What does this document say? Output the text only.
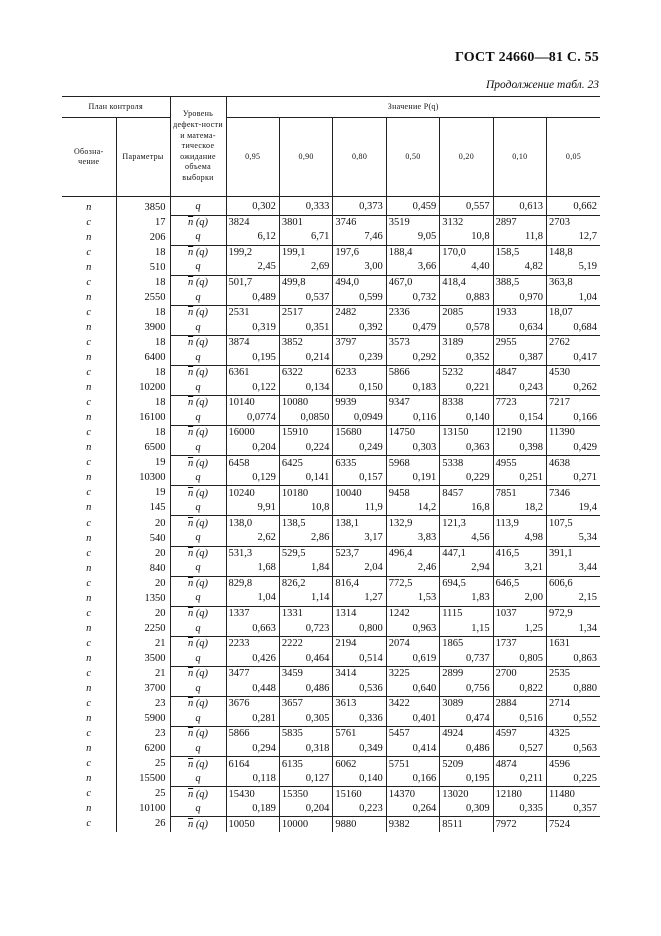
ГОСТ 24660—81 С. 55
Продолжение табл. 23
План контроля		Уровень дефект-ности и матема-тическое ожидание объема выборки	Значение P(q)						
Обозна-чение	Параметры		0,95	0,90	0,80	0,50	0,20	0,10	0,05
n	3850	q	0,302	0,333	0,373	0,459	0,557	0,613	0,662
c	17	$\overline{n}$ (q)	3824	3801	3746	3519	3132	2897	2703
n	206	q	6,12	6,71	7,46	9,05	10,8	11,8	12,7
c	18	$\overline{n}$ (q)	199,2	199,1	197,6	188,4	170,0	158,5	148,8
n	510	q	2,45	2,69	3,00	3,66	4,40	4,82	5,19
c	18	$\overline{n}$ (q)	501,7	499,8	494,0	467,0	418,4	388,5	363,8
n	2550	q	0,489	0,537	0,599	0,732	0,883	0,970	1,04
c	18	$\overline{n}$ (q)	2531	2517	2482	2336	2085	1933	18,07
n	3900	q	0,319	0,351	0,392	0,479	0,578	0,634	0,684
c	18	$\overline{n}$ (q)	3874	3852	3797	3573	3189	2955	2762
n	6400	q	0,195	0,214	0,239	0,292	0,352	0,387	0,417
c	18	$\overline{n}$ (q)	6361	6322	6233	5866	5232	4847	4530
n	10200	q	0,122	0,134	0,150	0,183	0,221	0,243	0,262
c	18	$\overline{n}$ (q)	10140	10080	9939	9347	8338	7723	7217
n	16100	q	0,0774	0,0850	0,0949	0,116	0,140	0,154	0,166
c	18	$\overline{n}$ (q)	16000	15910	15680	14750	13150	12190	11390
n	6500	q	0,204	0,224	0,249	0,303	0,363	0,398	0,429
c	19	$\overline{n}$ (q)	6458	6425	6335	5968	5338	4955	4638
n	10300	q	0,129	0,141	0,157	0,191	0,229	0,251	0,271
c	19	$\overline{n}$ (q)	10240	10180	10040	9458	8457	7851	7346
n	145	q	9,91	10,8	11,9	14,2	16,8	18,2	19,4
c	20	$\overline{n}$ (q)	138,0	138,5	138,1	132,9	121,3	113,9	107,5
n	540	q	2,62	2,86	3,17	3,83	4,56	4,98	5,34
c	20	$\overline{n}$ (q)	531,3	529,5	523,7	496,4	447,1	416,5	391,1
n	840	q	1,68	1,84	2,04	2,46	2,94	3,21	3,44
c	20	$\overline{n}$ (q)	829,8	826,2	816,4	772,5	694,5	646,5	606,6
n	1350	q	1,04	1,14	1,27	1,53	1,83	2,00	2,15
c	20	$\overline{n}$ (q)	1337	1331	1314	1242	1115	1037	972,9
n	2250	q	0,663	0,723	0,800	0,963	1,15	1,25	1,34
c	21	$\overline{n}$ (q)	2233	2222	2194	2074	1865	1737	1631
n	3500	q	0,426	0,464	0,514	0,619	0,737	0,805	0,863
c	21	$\overline{n}$ (q)	3477	3459	3414	3225	2899	2700	2535
n	3700	q	0,448	0,486	0,536	0,640	0,756	0,822	0,880
c	23	$\overline{n}$ (q)	3676	3657	3613	3422	3089	2884	2714
n	5900	q	0,281	0,305	0,336	0,401	0,474	0,516	0,552
c	23	$\overline{n}$ (q)	5866	5835	5761	5457	4924	4597	4325
n	6200	q	0,294	0,318	0,349	0,414	0,486	0,527	0,563
c	25	$\overline{n}$ (q)	6164	6135	6062	5751	5209	4874	4596
n	15500	q	0,118	0,127	0,140	0,166	0,195	0,211	0,225
c	25	$\overline{n}$ (q)	15430	15350	15160	14370	13020	12180	11480
n	10100	q	0,189	0,204	0,223	0,264	0,309	0,335	0,357
c	26	$\overline{n}$ (q)	10050	10000	9880	9382	8511	7972	7524
